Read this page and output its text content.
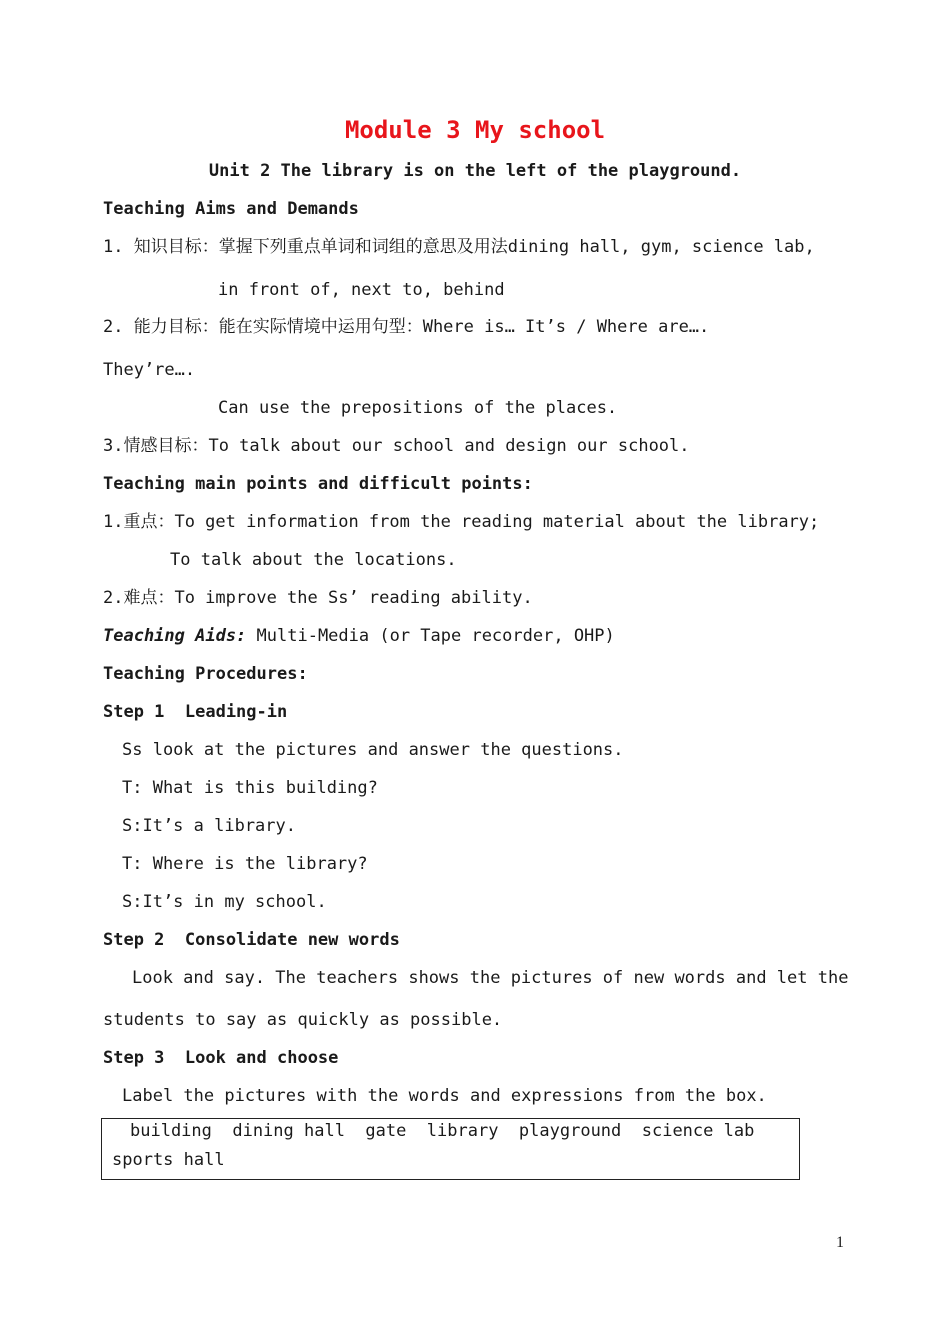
Module 3 My school
Unit 2 The library is on the left of the playground.
Teaching Aims and Demands
1. 知识目标：掌握下列重点单词和词组的意思及用法dining hall, gym, science lab,
in front of, next to, behind
2. 能力目标：能在实际情境中运用句型：Where is… It’s / Where are….
They’re….
Can use the prepositions of the places.
3.情感目标：To talk about our school and design our school.
Teaching main points and difficult points:
1.重点：To get information from the reading material about the library;
To talk about the locations.
2.难点：To improve the Ss’ reading ability.
Teaching Aids: Multi-Media (or Tape recorder, OHP)
Teaching Procedures:
Step 1  Leading-in
Ss look at the pictures and answer the questions.
T: What is this building?
S:It’s a library.
T: Where is the library?
S:It’s in my school.
Step 2  Consolidate new words
Look and say. The teachers shows the pictures of new words and let the
students to say as quickly as possible.
Step 3  Look and choose
Label the pictures with the words and expressions from the box.
building  dining hall  gate  library  playground  science lab
sports hall
1
